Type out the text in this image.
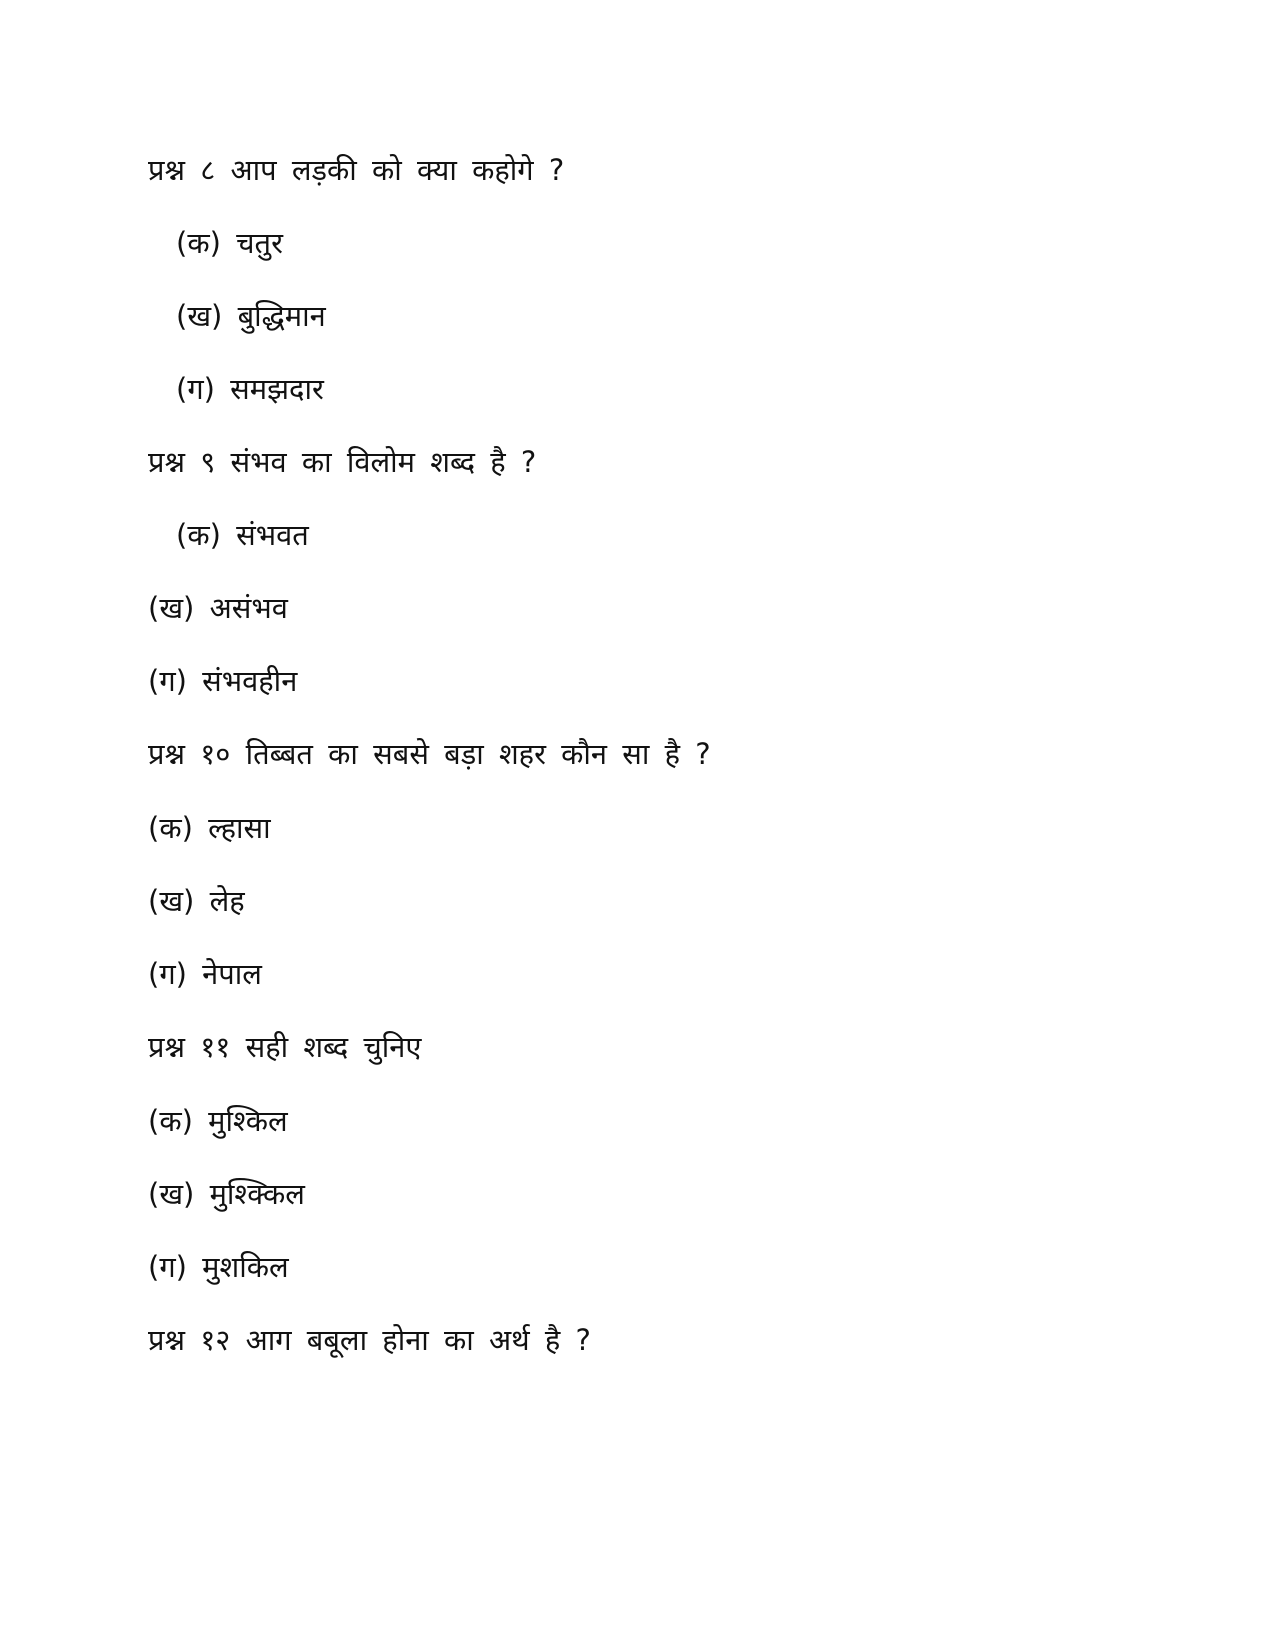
प्रश्न ८ आप लड़की को क्या कहोगे ?
(क) चतुर
(ख) बुद्धिमान
(ग) समझदार
प्रश्न ९ संभव का विलोम शब्द है ?
(क) संभवत
(ख) असंभव
(ग) संभवहीन
प्रश्न १० तिब्बत का सबसे बड़ा शहर कौन सा है ?
(क) ल्हासा
(ख) लेह
(ग) नेपाल
प्रश्न ११ सही शब्द चुनिए
(क) मुश्किल
(ख) मुश्क्किल
(ग) मुशकिल
प्रश्न १२ आग बबूला होना का अर्थ है ?
